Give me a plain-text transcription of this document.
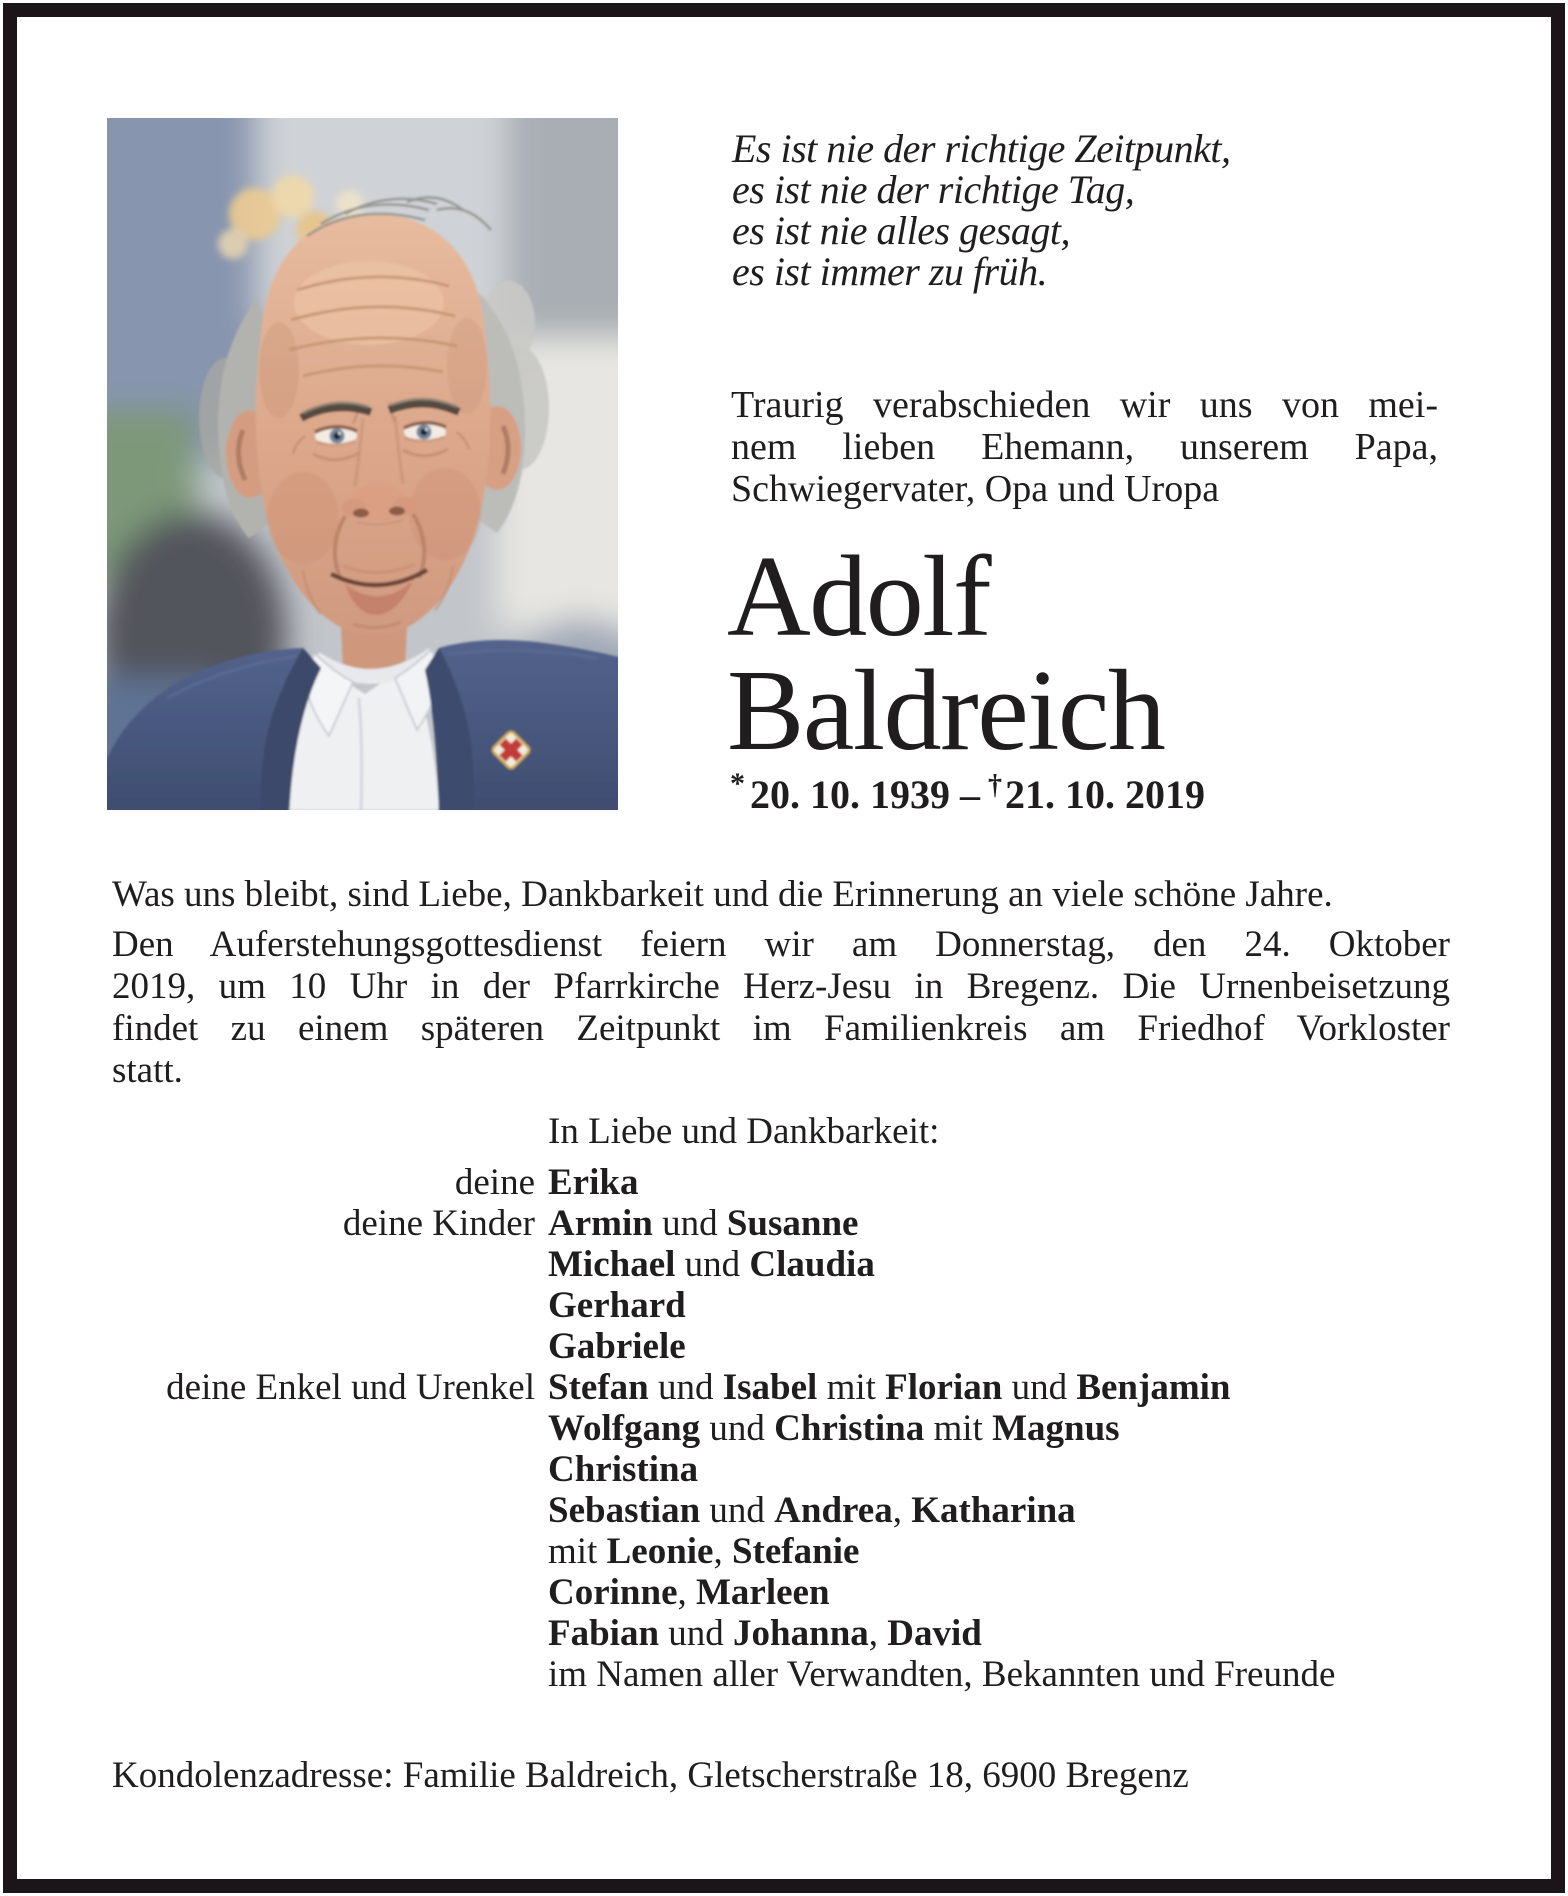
Es ist nie der richtige Zeitpunkt,
es ist nie der richtige Tag,
es ist nie alles gesagt,
es ist immer zu früh.
Traurig verabschieden wir uns von mei-
nem lieben Ehemann, unserem Papa,
Schwiegervater, Opa und Uropa
Adolf
Baldreich
* 20. 10. 1939 – †21. 10. 2019
Was uns bleibt, sind Liebe, Dankbarkeit und die Erinnerung an viele schöne Jahre.
Den Auferstehungsgottesdienst feiern wir am Donnerstag, den 24. Oktober
2019, um 10 Uhr in der Pfarrkirche Herz-Jesu in Bregenz. Die Urnenbeisetzung
findet zu einem späteren Zeitpunkt im Familienkreis am Friedhof Vorkloster
statt.
In Liebe und Dankbarkeit:
deine Erika
deine Kinder Armin und Susanne
Michael und Claudia
Gerhard
Gabriele
deine Enkel und Urenkel Stefan und Isabel mit Florian und Benjamin
Wolfgang und Christina mit Magnus
Christina
Sebastian und Andrea, Katharina
mit Leonie, Stefanie
Corinne, Marleen
Fabian und Johanna, David
im Namen aller Verwandten, Bekannten und Freunde
Kondolenzadresse: Familie Baldreich, Gletscherstraße 18, 6900 Bregenz
